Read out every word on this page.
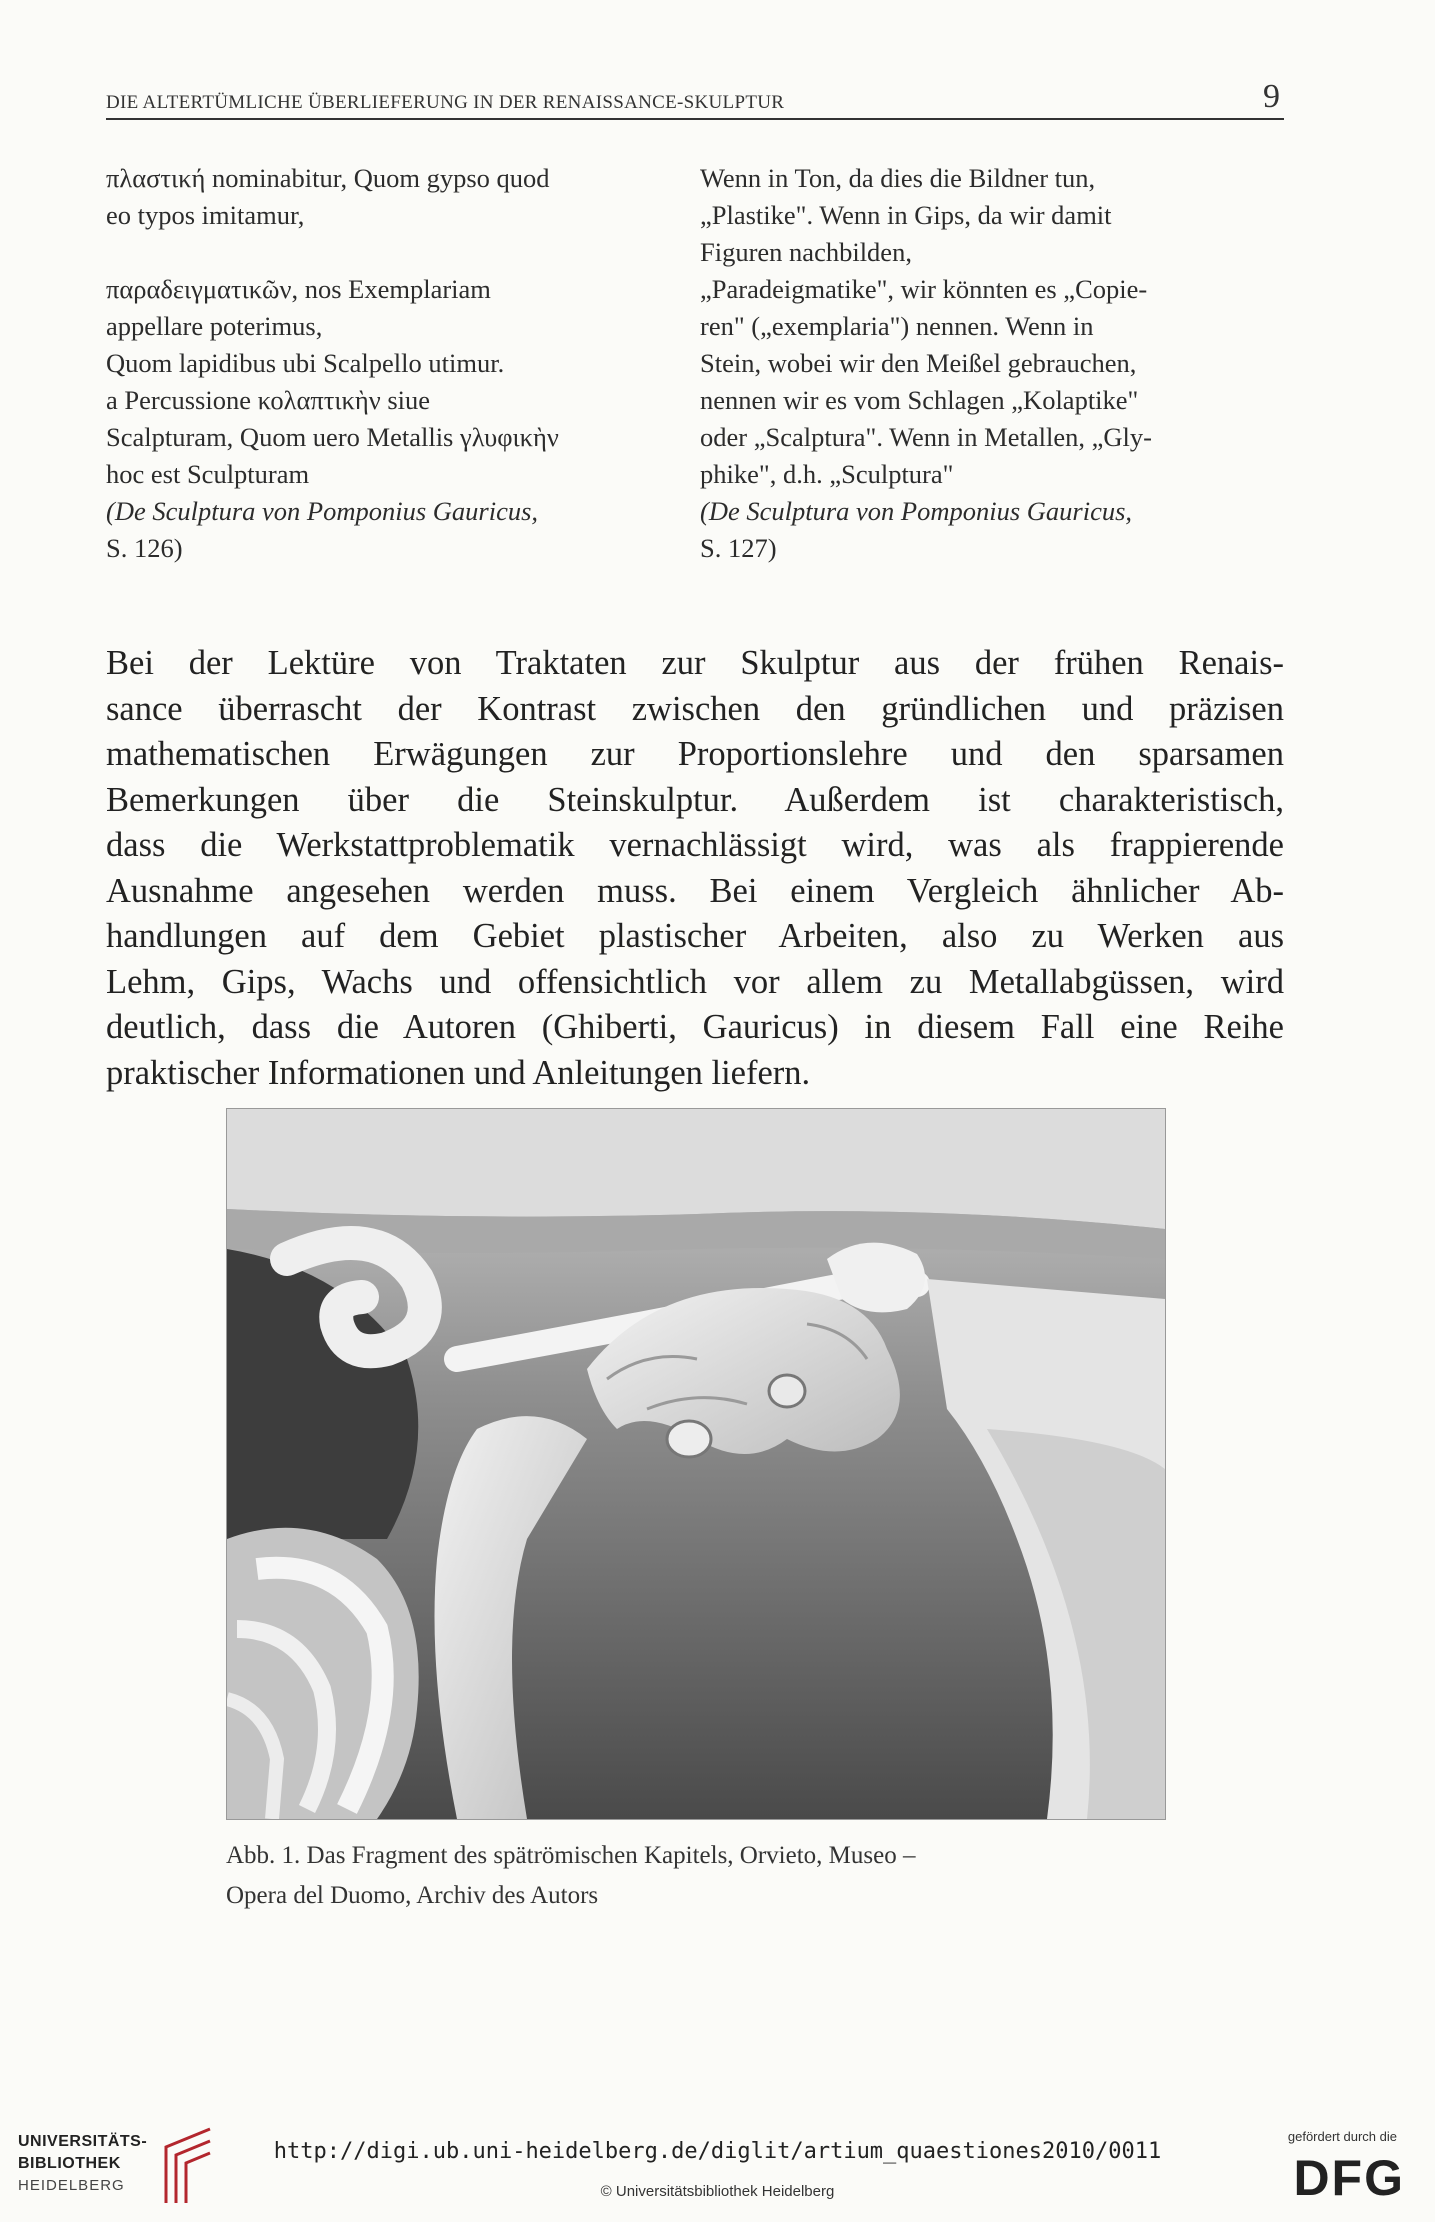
DIE ALTERTÜMLICHE ÜBERLIEFERUNG IN DER RENAISSANCE-SKULPTUR	9
πλαστική nominabitur, Quom gypso quod
eo typos imitamur,
παραδειγματικῶν, nos Exemplariam
appellare poterimus,
Quom lapidibus ubi Scalpello utimur.
a Percussione κολαπτικὴν siue
Scalpturam, Quom uero Metallis γλυφικὴν
hoc est Sculpturam
(De Sculptura von Pomponius Gauricus,
S. 126)
Wenn in Ton, da dies die Bildner tun,
„Plastike". Wenn in Gips, da wir damit
Figuren nachbilden,
„Paradeigmatike", wir könnten es „Copie-
ren" („exemplaria") nennen. Wenn in
Stein, wobei wir den Meißel gebrauchen,
nennen wir es vom Schlagen „Kolaptike"
oder „Scalptura". Wenn in Metallen, „Gly-
phike", d.h. „Sculptura"
(De Sculptura von Pomponius Gauricus,
S. 127)
Bei der Lektüre von Traktaten zur Skulptur aus der frühen Renais-
sance überrascht der Kontrast zwischen den gründlichen und präzisen
mathematischen Erwägungen zur Proportionslehre und den sparsamen
Bemerkungen über die Steinskulptur. Außerdem ist charakteristisch,
dass die Werkstattproblematik vernachlässigt wird, was als frappierende
Ausnahme angesehen werden muss. Bei einem Vergleich ähnlicher Ab-
handlungen auf dem Gebiet plastischer Arbeiten, also zu Werken aus
Lehm, Gips, Wachs und offensichtlich vor allem zu Metallabgüssen, wird
deutlich, dass die Autoren (Ghiberti, Gauricus) in diesem Fall eine Reihe
praktischer Informationen und Anleitungen liefern.
Abb. 1. Das Fragment des spätrömischen Kapitels, Orvieto, Museo –
Opera del Duomo, Archiv des Autors
UNIVERSITÄTS-
BIBLIOTHEK
HEIDELBERG
http://digi.ub.uni-heidelberg.de/diglit/artium_quaestiones2010/0011
© Universitätsbibliothek Heidelberg
gefördert durch die
DFG
